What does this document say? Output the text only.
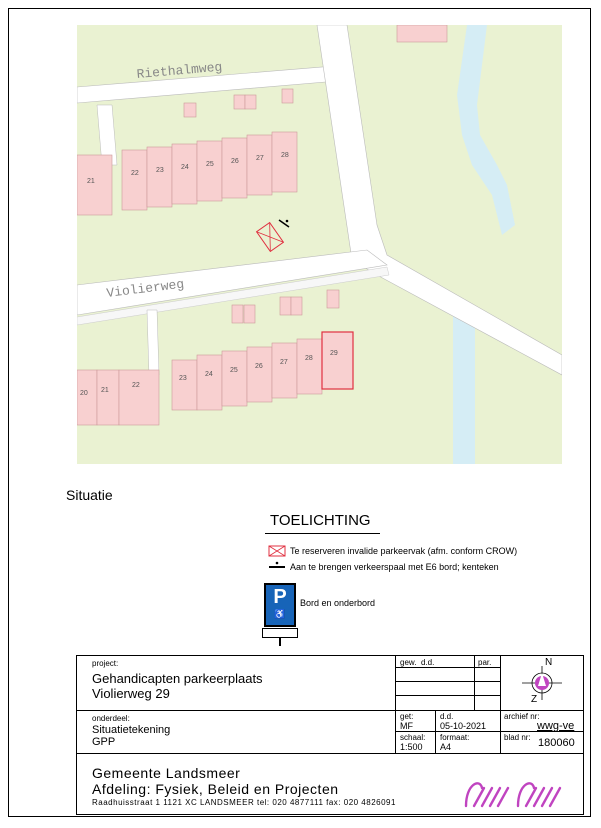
Riethalmweg
Violierweg
21
22 23 24 25 26 27 28
20 21
22
23
24
25
26
27
28
29
Situatie
TOELICHTING
Te reserveren invalide parkeervak (afm. conform CROW)
Aan te brengen verkeerspaal met E6 bord; kenteken
P
♿
Bord en onderbord
project:
Gehandicapten parkeerplaats
Violierweg 29
gew. d.d.	par.	N
Z
onderdeel:
Situatietekening
GPP
get:
MF
d.d.
05-10-2021
schaal:
1:500
formaat:
A4
archief nr:
wwg-ve
blad nr: 180060
Gemeente Landsmeer
Afdeling: Fysiek, Beleid en Projecten
Raadhuisstraat 1 1121 XC LANDSMEER tel: 020 4877111 fax: 020 4826091
